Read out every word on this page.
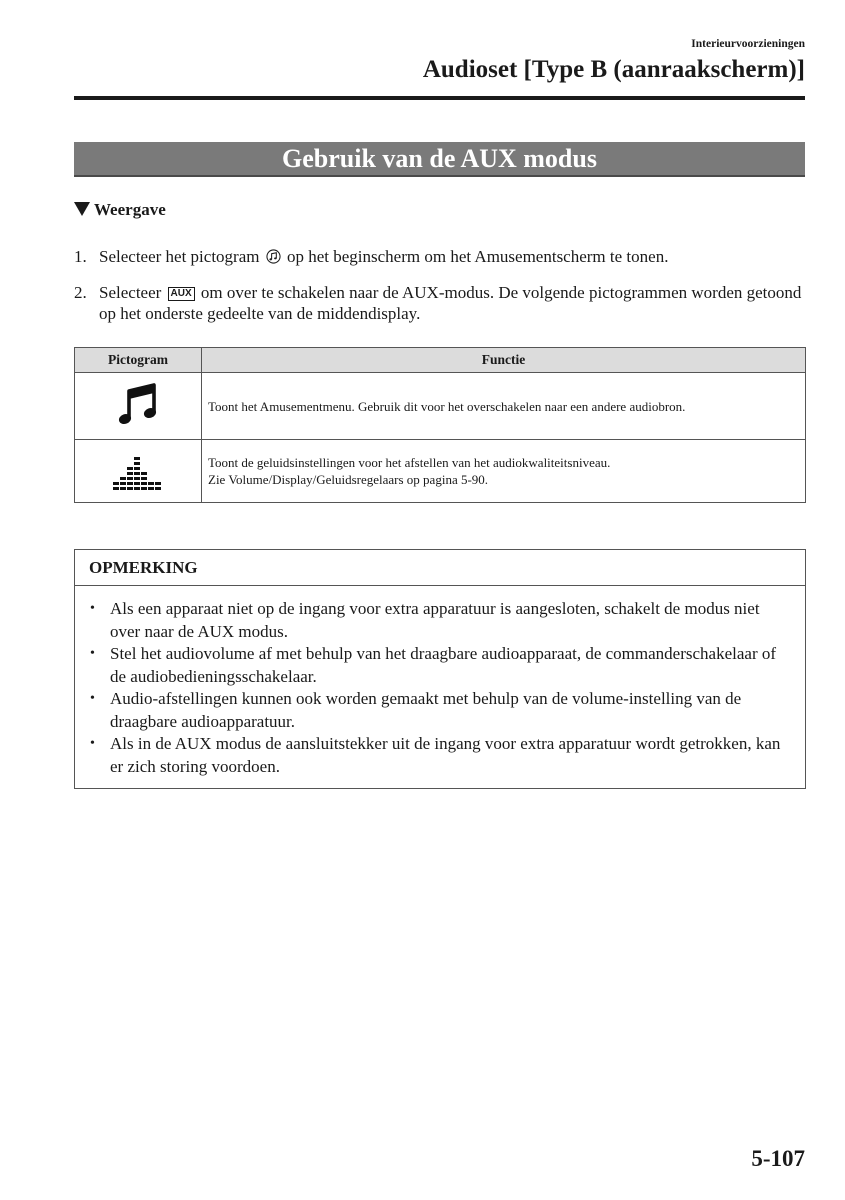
Interieurvoorzieningen
Audioset [Type B (aanraakscherm)]
Gebruik van de AUX modus
Weergave
1. Selecteer het pictogram op het beginscherm om het Amusementscherm te tonen.
2. Selecteer AUX om over te schakelen naar de AUX-modus. De volgende pictogrammen worden getoond op het onderste gedeelte van de middendisplay.
Pictogram	Functie

Toont het Amusementmenu. Gebruik dit voor het overschakelen naar een andere audiobron.

Toont de geluidsinstellingen voor het afstellen van het audiokwaliteitsniveau.
Zie Volume/Display/Geluidsregelaars op pagina 5-90.
OPMERKING
• Als een apparaat niet op de ingang voor extra apparatuur is aangesloten, schakelt de modus niet over naar de AUX modus.
• Stel het audiovolume af met behulp van het draagbare audioapparaat, de commanderschakelaar of de audiobedieningsschakelaar.
• Audio-afstellingen kunnen ook worden gemaakt met behulp van de volume-instelling van de draagbare audioapparatuur.
• Als in de AUX modus de aansluitstekker uit de ingang voor extra apparatuur wordt getrokken, kan er zich storing voordoen.
5-107
